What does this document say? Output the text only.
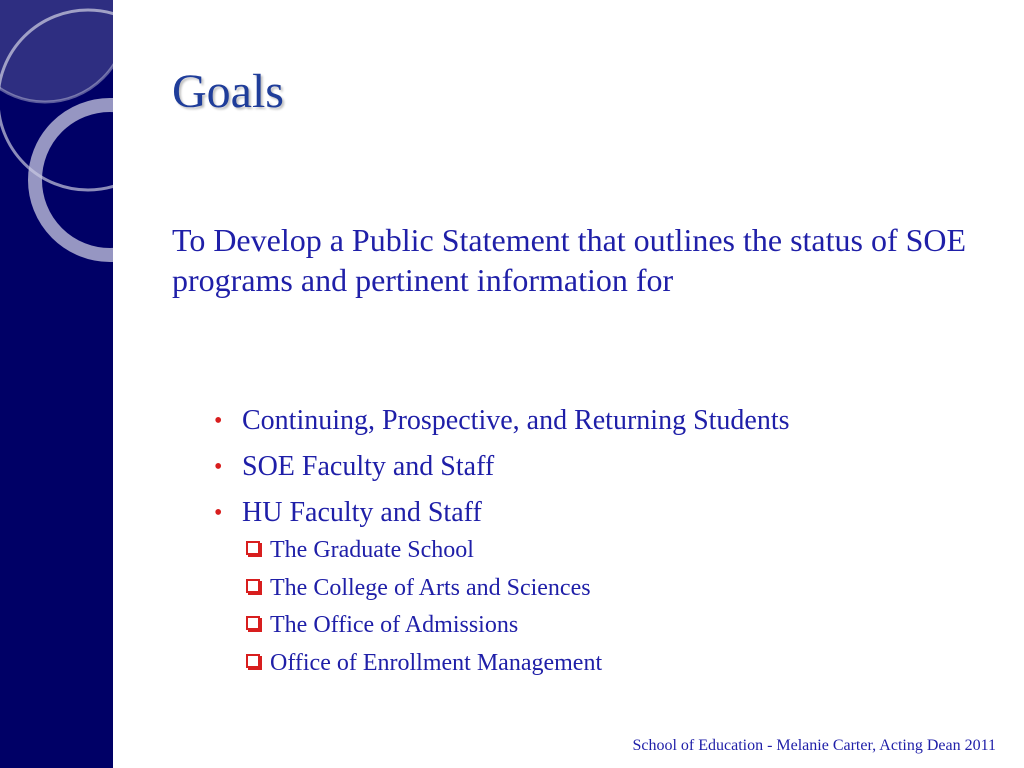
Goals
To Develop a Public Statement that outlines the status of SOE programs and pertinent information for
• Continuing, Prospective, and Returning Students
• SOE Faculty and Staff
• HU Faculty and Staff
The Graduate School
The College of Arts and Sciences
The Office of Admissions
Office of Enrollment Management
School of Education - Melanie Carter, Acting Dean 2011
